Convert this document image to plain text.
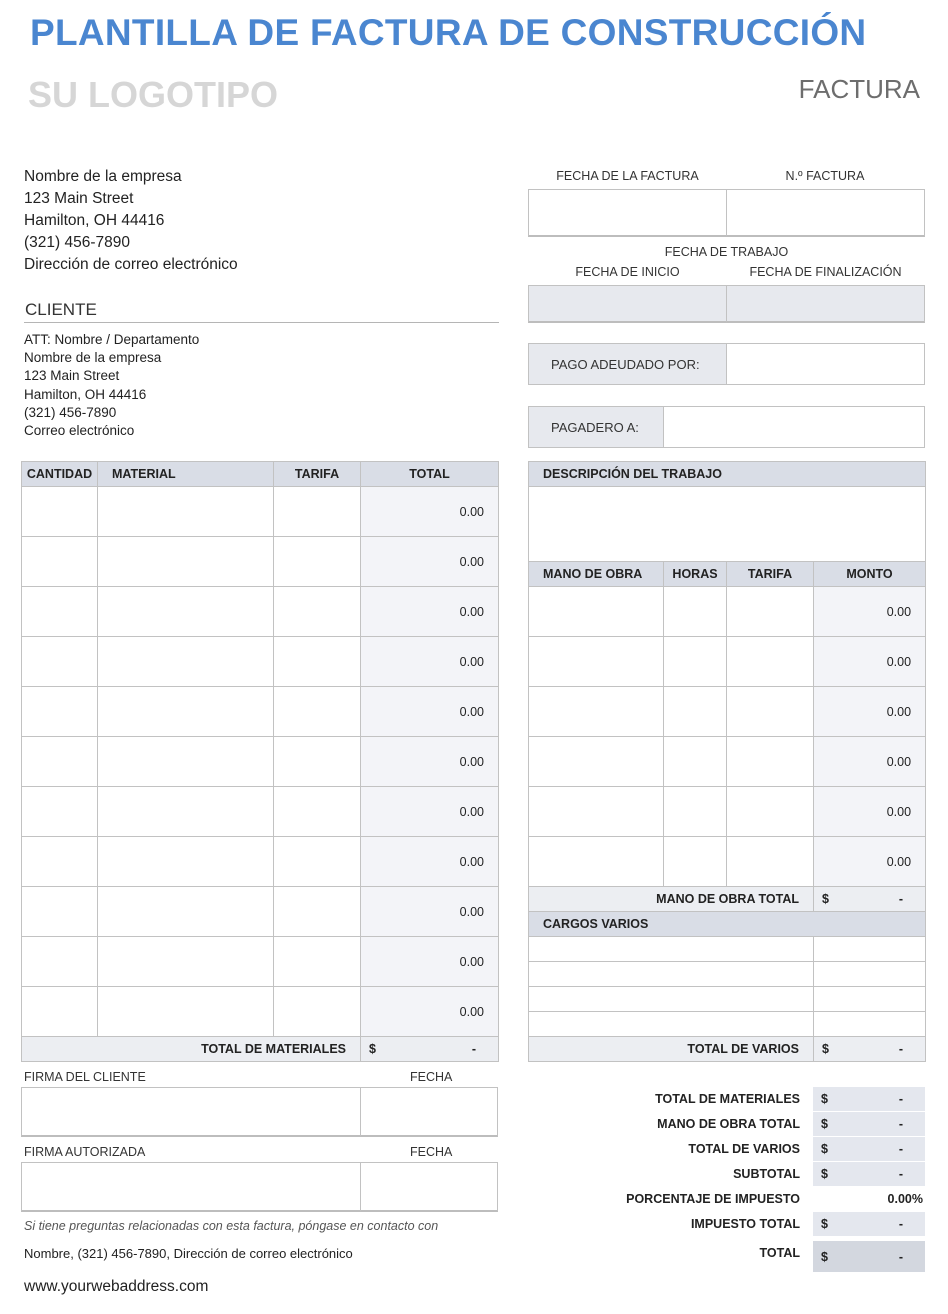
PLANTILLA DE FACTURA DE CONSTRUCCIÓN
SU LOGOTIPO	FACTURA
Nombre de la empresa
123 Main Street
Hamilton, OH 44416
(321) 456-7890
Dirección de correo electrónico
CLIENTE
ATT: Nombre / Departamento
Nombre de la empresa
123 Main Street
Hamilton, OH 44416
(321) 456-7890
Correo electrónico
FECHA DE LA FACTURA	N.º FACTURA
FECHA DE TRABAJO
FECHA DE INICIO	FECHA DE FINALIZACIÓN
PAGO ADEUDADO POR:
PAGADERO A:
CANTIDAD	MATERIAL	TARIFA	TOTAL
			0.00
			0.00
			0.00
			0.00
			0.00
			0.00
			0.00
			0.00
			0.00
			0.00
			0.00
TOTAL DE MATERIALES			$ -
DESCRIPCIÓN DEL TRABAJO			

MANO DE OBRA	HORAS	TARIFA	MONTO
			0.00
			0.00
			0.00
			0.00
			0.00
			0.00
MANO DE OBRA TOTAL			$ -

CARGOS VARIOS			

TOTAL DE VARIOS			$ -
FIRMA DEL CLIENTE	FECHA
FIRMA AUTORIZADA	FECHA
TOTAL DE MATERIALES $	-
MANO DE OBRA TOTAL $	-
TOTAL DE VARIOS $	-
SUBTOTAL $	-
PORCENTAJE DE IMPUESTO	0.00%
IMPUESTO TOTAL $	-
TOTAL $	-
Si tiene preguntas relacionadas con esta factura, póngase en contacto con
Nombre, (321) 456-7890, Dirección de correo electrónico
www.yourwebaddress.com
